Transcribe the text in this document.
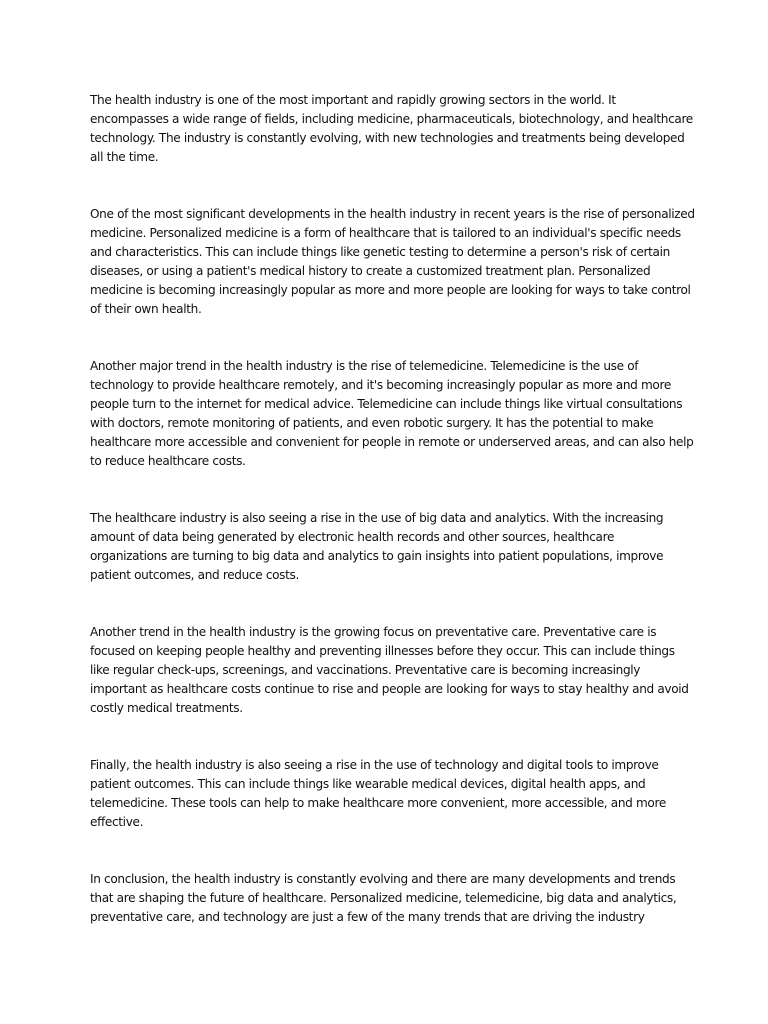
The health industry is one of the most important and rapidly growing sectors in the world. It
encompasses a wide range of fields, including medicine, pharmaceuticals, biotechnology, and healthcare
technology. The industry is constantly evolving, with new technologies and treatments being developed
all the time.

One of the most significant developments in the health industry in recent years is the rise of personalized
medicine. Personalized medicine is a form of healthcare that is tailored to an individual's specific needs
and characteristics. This can include things like genetic testing to determine a person's risk of certain
diseases, or using a patient's medical history to create a customized treatment plan. Personalized
medicine is becoming increasingly popular as more and more people are looking for ways to take control
of their own health.

Another major trend in the health industry is the rise of telemedicine. Telemedicine is the use of
technology to provide healthcare remotely, and it's becoming increasingly popular as more and more
people turn to the internet for medical advice. Telemedicine can include things like virtual consultations
with doctors, remote monitoring of patients, and even robotic surgery. It has the potential to make
healthcare more accessible and convenient for people in remote or underserved areas, and can also help
to reduce healthcare costs.

The healthcare industry is also seeing a rise in the use of big data and analytics. With the increasing
amount of data being generated by electronic health records and other sources, healthcare
organizations are turning to big data and analytics to gain insights into patient populations, improve
patient outcomes, and reduce costs.

Another trend in the health industry is the growing focus on preventative care. Preventative care is
focused on keeping people healthy and preventing illnesses before they occur. This can include things
like regular check-ups, screenings, and vaccinations. Preventative care is becoming increasingly
important as healthcare costs continue to rise and people are looking for ways to stay healthy and avoid
costly medical treatments.

Finally, the health industry is also seeing a rise in the use of technology and digital tools to improve
patient outcomes. This can include things like wearable medical devices, digital health apps, and
telemedicine. These tools can help to make healthcare more convenient, more accessible, and more
effective.

In conclusion, the health industry is constantly evolving and there are many developments and trends
that are shaping the future of healthcare. Personalized medicine, telemedicine, big data and analytics,
preventative care, and technology are just a few of the many trends that are driving the industry
